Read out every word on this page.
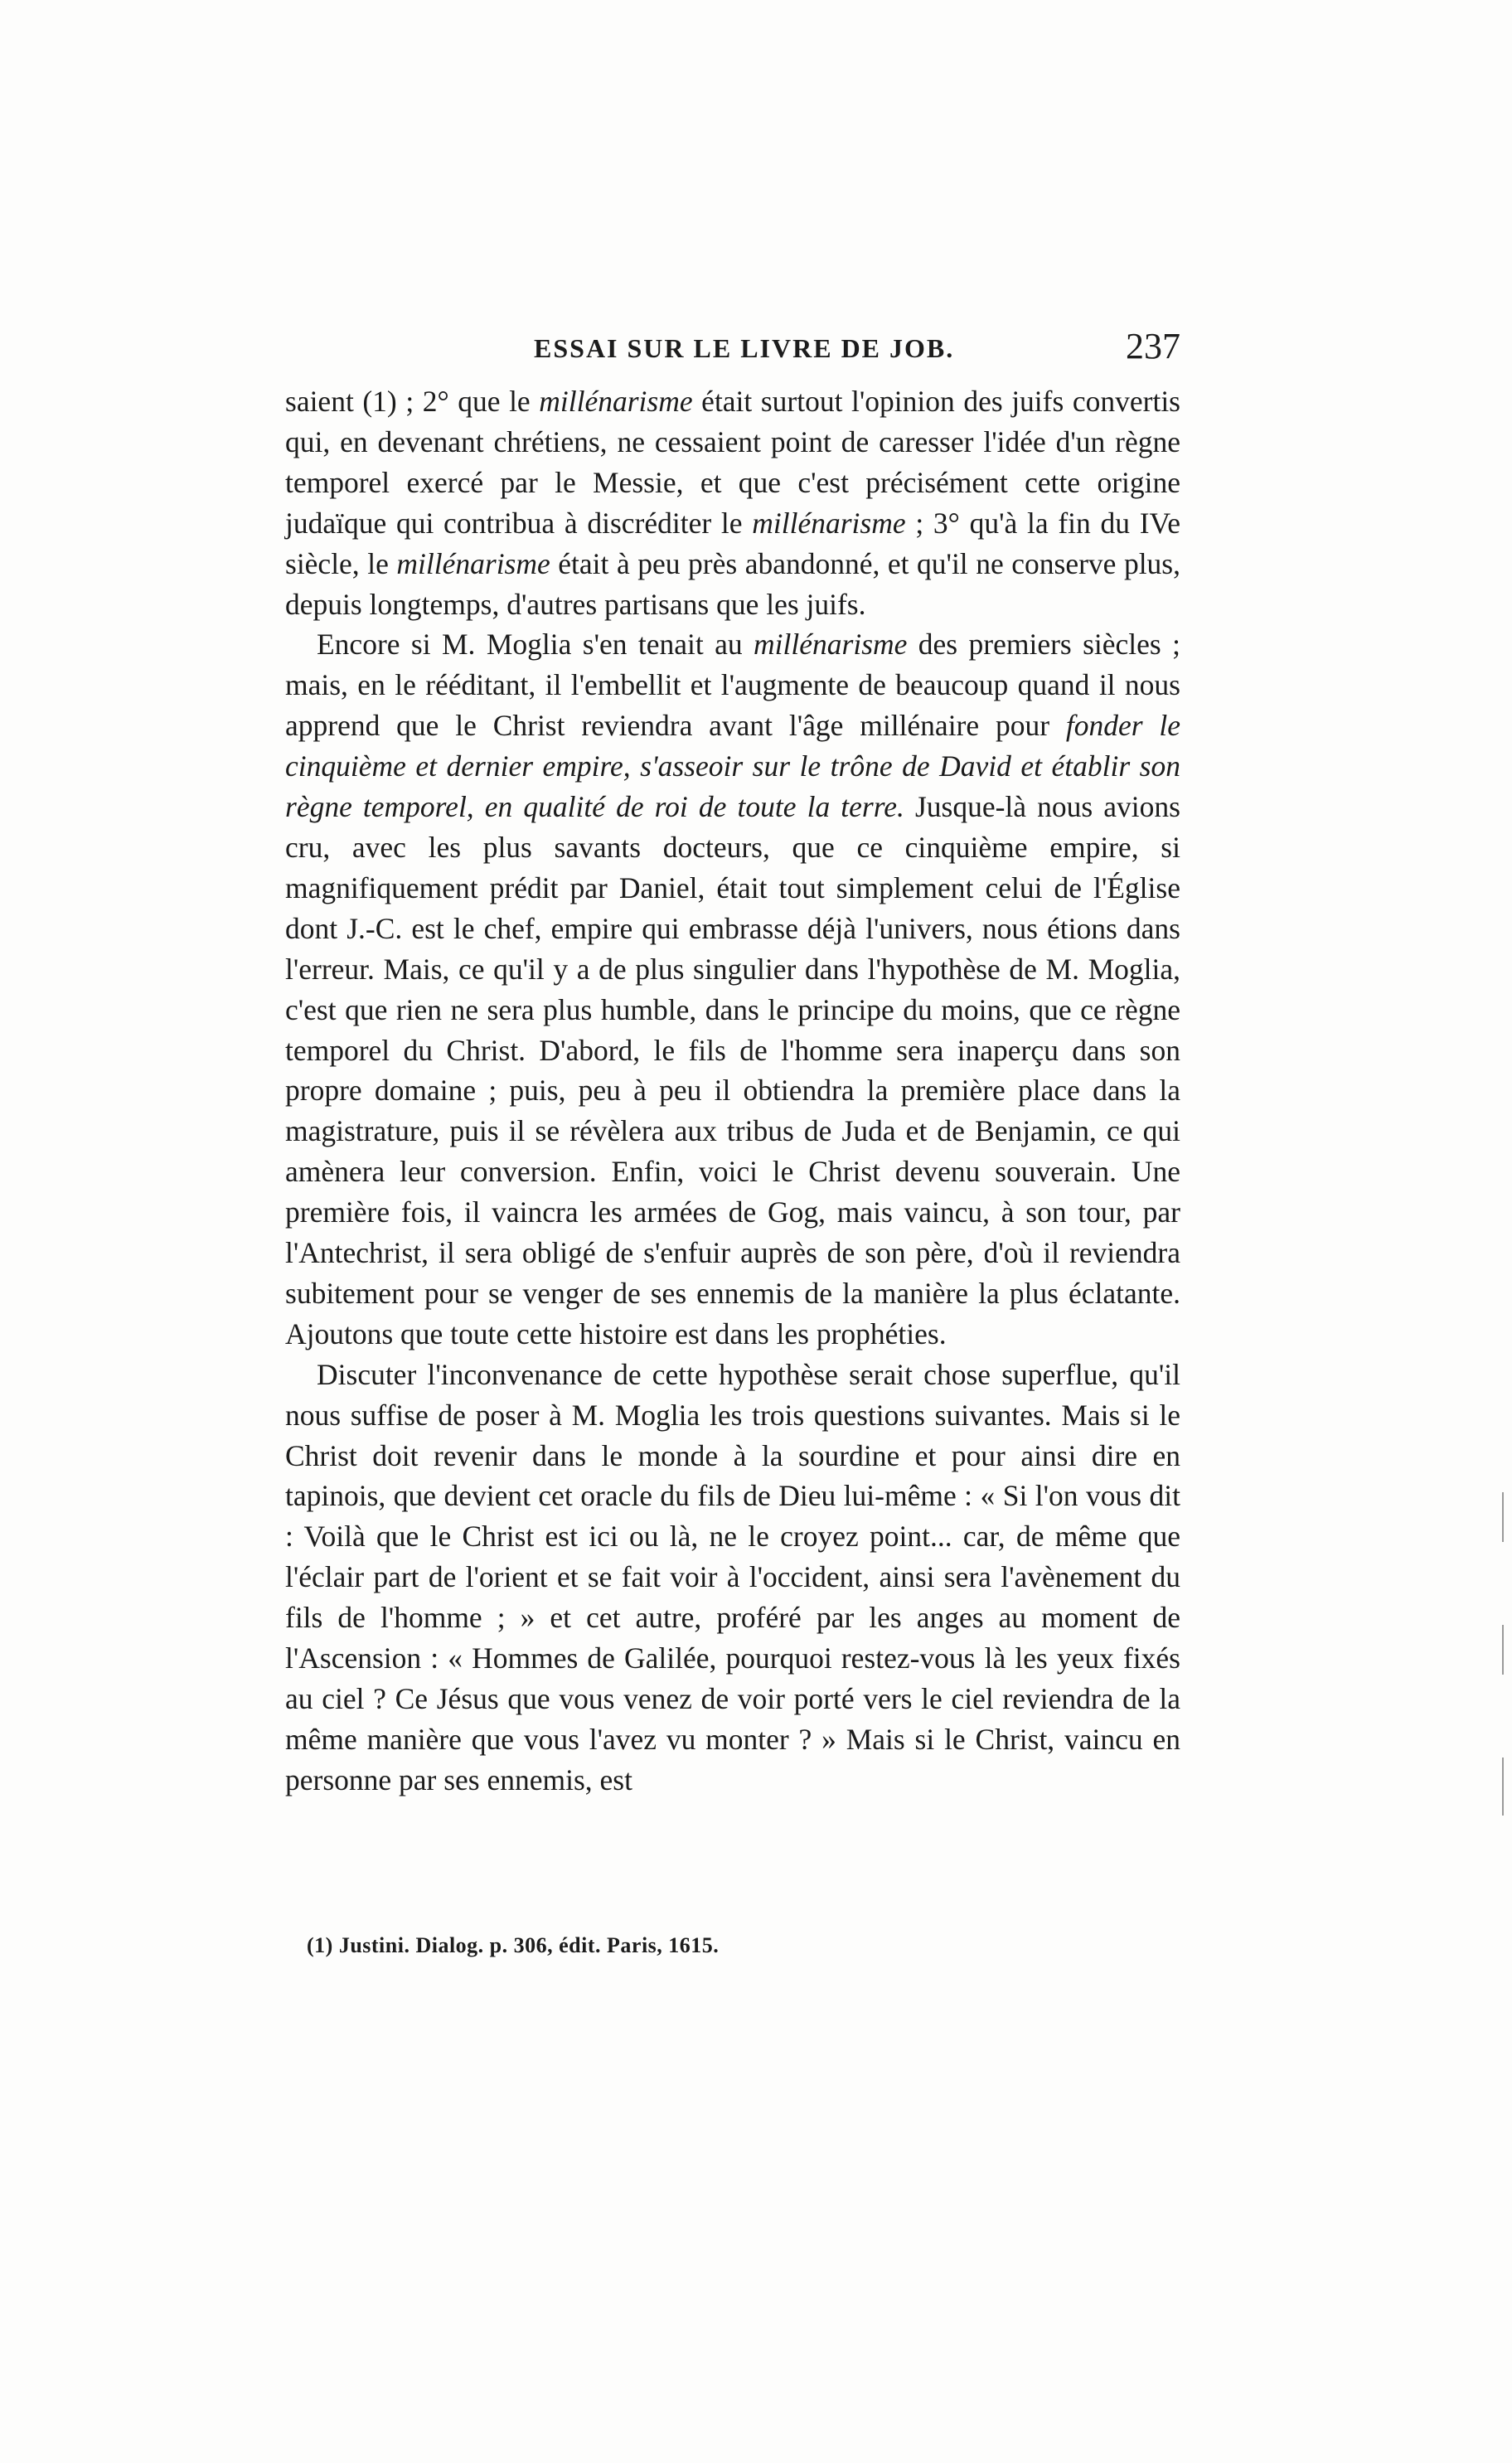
ESSAI SUR LE LIVRE DE JOB.	237

saient (1) ; 2° que le millénarisme était surtout l'opinion des juifs convertis qui, en devenant chrétiens, ne cessaient point de caresser l'idée d'un règne temporel exercé par le Messie, et que c'est précisément cette origine judaïque qui contribua à discréditer le millénarisme ; 3° qu'à la fin du IVe siècle, le millénarisme était à peu près abandonné, et qu'il ne conserve plus, depuis longtemps, d'autres partisans que les juifs.

Encore si M. Moglia s'en tenait au millénarisme des premiers siècles ; mais, en le rééditant, il l'embellit et l'augmente de beaucoup quand il nous apprend que le Christ reviendra avant l'âge millénaire pour fonder le cinquième et dernier empire, s'asseoir sur le trône de David et établir son règne temporel, en qualité de roi de toute la terre. Jusque-là nous avions cru, avec les plus savants docteurs, que ce cinquième empire, si magnifiquement prédit par Daniel, était tout simplement celui de l'Église dont J.-C. est le chef, empire qui embrasse déjà l'univers, nous étions dans l'erreur. Mais, ce qu'il y a de plus singulier dans l'hypothèse de M. Moglia, c'est que rien ne sera plus humble, dans le principe du moins, que ce règne temporel du Christ. D'abord, le fils de l'homme sera inaperçu dans son propre domaine ; puis, peu à peu il obtiendra la première place dans la magistrature, puis il se révèlera aux tribus de Juda et de Benjamin, ce qui amènera leur conversion. Enfin, voici le Christ devenu souverain. Une première fois, il vaincra les armées de Gog, mais vaincu, à son tour, par l'Antechrist, il sera obligé de s'enfuir auprès de son père, d'où il reviendra subitement pour se venger de ses ennemis de la manière la plus éclatante. Ajoutons que toute cette histoire est dans les prophéties.

Discuter l'inconvenance de cette hypothèse serait chose superflue, qu'il nous suffise de poser à M. Moglia les trois questions suivantes. Mais si le Christ doit revenir dans le monde à la sourdine et pour ainsi dire en tapinois, que devient cet oracle du fils de Dieu lui-même : « Si l'on vous dit : Voilà que le Christ est ici ou là, ne le croyez point... car, de même que l'éclair part de l'orient et se fait voir à l'occident, ainsi sera l'avènement du fils de l'homme ; » et cet autre, proféré par les anges au moment de l'Ascension : « Hommes de Galilée, pourquoi restez-vous là les yeux fixés au ciel ? Ce Jésus que vous venez de voir porté vers le ciel reviendra de la même manière que vous l'avez vu monter ? » Mais si le Christ, vaincu en personne par ses ennemis, est

(1) Justini. Dialog. p. 306, édit. Paris, 1615.
